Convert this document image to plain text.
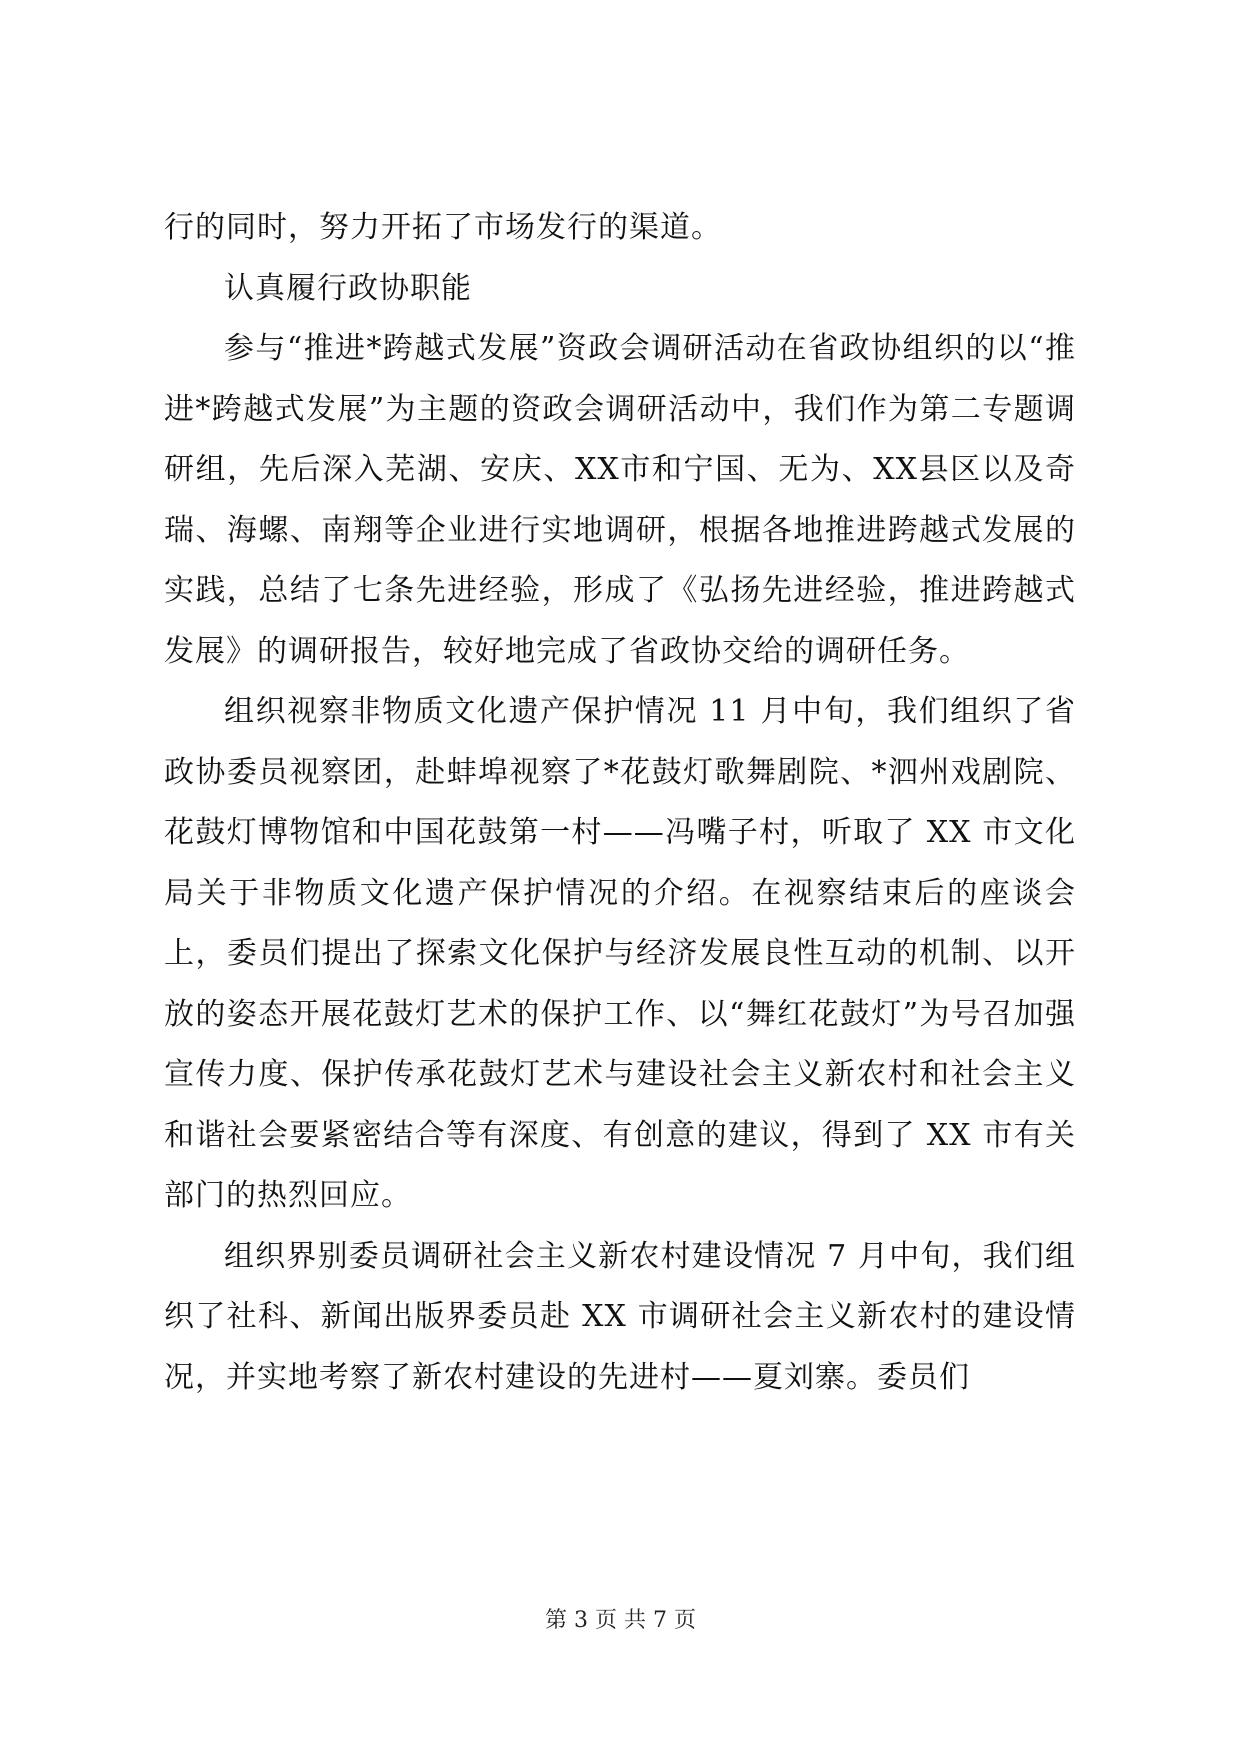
行的同时，努力开拓了市场发行的渠道。

认真履行政协职能

参与“推进*跨越式发展”资政会调研活动在省政协组织的以“推进*跨越式发展”为主题的资政会调研活动中，我们作为第二专题调研组，先后深入芜湖、安庆、XX市和宁国、无为、XX县区以及奇瑞、海螺、南翔等企业进行实地调研，根据各地推进跨越式发展的实践，总结了七条先进经验，形成了《弘扬先进经验，推进跨越式发展》的调研报告，较好地完成了省政协交给的调研任务。

组织视察非物质文化遗产保护情况 11 月中旬，我们组织了省政协委员视察团，赴蚌埠视察了*花鼓灯歌舞剧院、*泗州戏剧院、花鼓灯博物馆和中国花鼓第一村——冯嘴子村，听取了 XX 市文化局关于非物质文化遗产保护情况的介绍。在视察结束后的座谈会上，委员们提出了探索文化保护与经济发展良性互动的机制、以开放的姿态开展花鼓灯艺术的保护工作、以“舞红花鼓灯”为号召加强宣传力度、保护传承花鼓灯艺术与建设社会主义新农村和社会主义和谐社会要紧密结合等有深度、有创意的建议，得到了 XX 市有关部门的热烈回应。

组织界别委员调研社会主义新农村建设情况 7 月中旬，我们组织了社科、新闻出版界委员赴 XX 市调研社会主义新农村的建设情况，并实地考察了新农村建设的先进村——夏刘寨。委员们

第 3 页 共 7 页
